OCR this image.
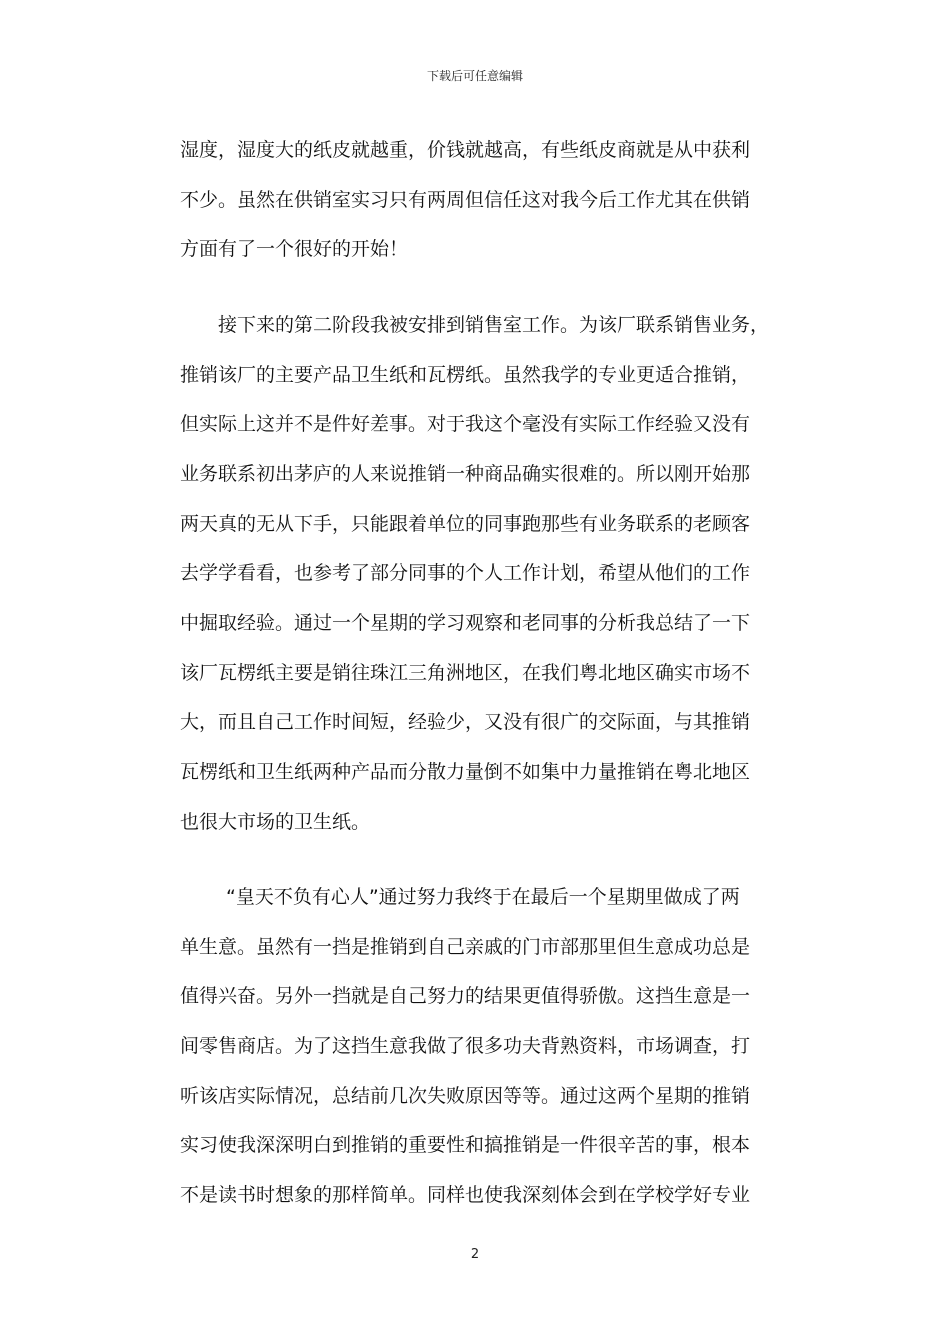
下载后可任意编辑
湿度，湿度大的纸皮就越重，价钱就越高，有些纸皮商就是从中获利
不少。虽然在供销室实习只有两周但信任这对我今后工作尤其在供销
方面有了一个很好的开始！
接下来的第二阶段我被安排到销售室工作。为该厂联系销售业务，
推销该厂的主要产品卫生纸和瓦楞纸。虽然我学的专业更适合推销，
但实际上这并不是件好差事。对于我这个毫没有实际工作经验又没有
业务联系初出茅庐的人来说推销一种商品确实很难的。所以刚开始那
两天真的无从下手，只能跟着单位的同事跑那些有业务联系的老顾客
去学学看看，也参考了部分同事的个人工作计划，希望从他们的工作
中掘取经验。通过一个星期的学习观察和老同事的分析我总结了一下
该厂瓦楞纸主要是销往珠江三角洲地区，在我们粤北地区确实市场不
大，而且自己工作时间短，经验少，又没有很广的交际面，与其推销
瓦楞纸和卫生纸两种产品而分散力量倒不如集中力量推销在粤北地区
也很大市场的卫生纸。
“皇天不负有心人”通过努力我终于在最后一个星期里做成了两
单生意。虽然有一挡是推销到自己亲戚的门市部那里但生意成功总是
值得兴奋。另外一挡就是自己努力的结果更值得骄傲。这挡生意是一
间零售商店。为了这挡生意我做了很多功夫背熟资料，市场调查，打
听该店实际情况，总结前几次失败原因等等。通过这两个星期的推销
实习使我深深明白到推销的重要性和搞推销是一件很辛苦的事，根本
不是读书时想象的那样简单。同样也使我深刻体会到在学校学好专业
2
